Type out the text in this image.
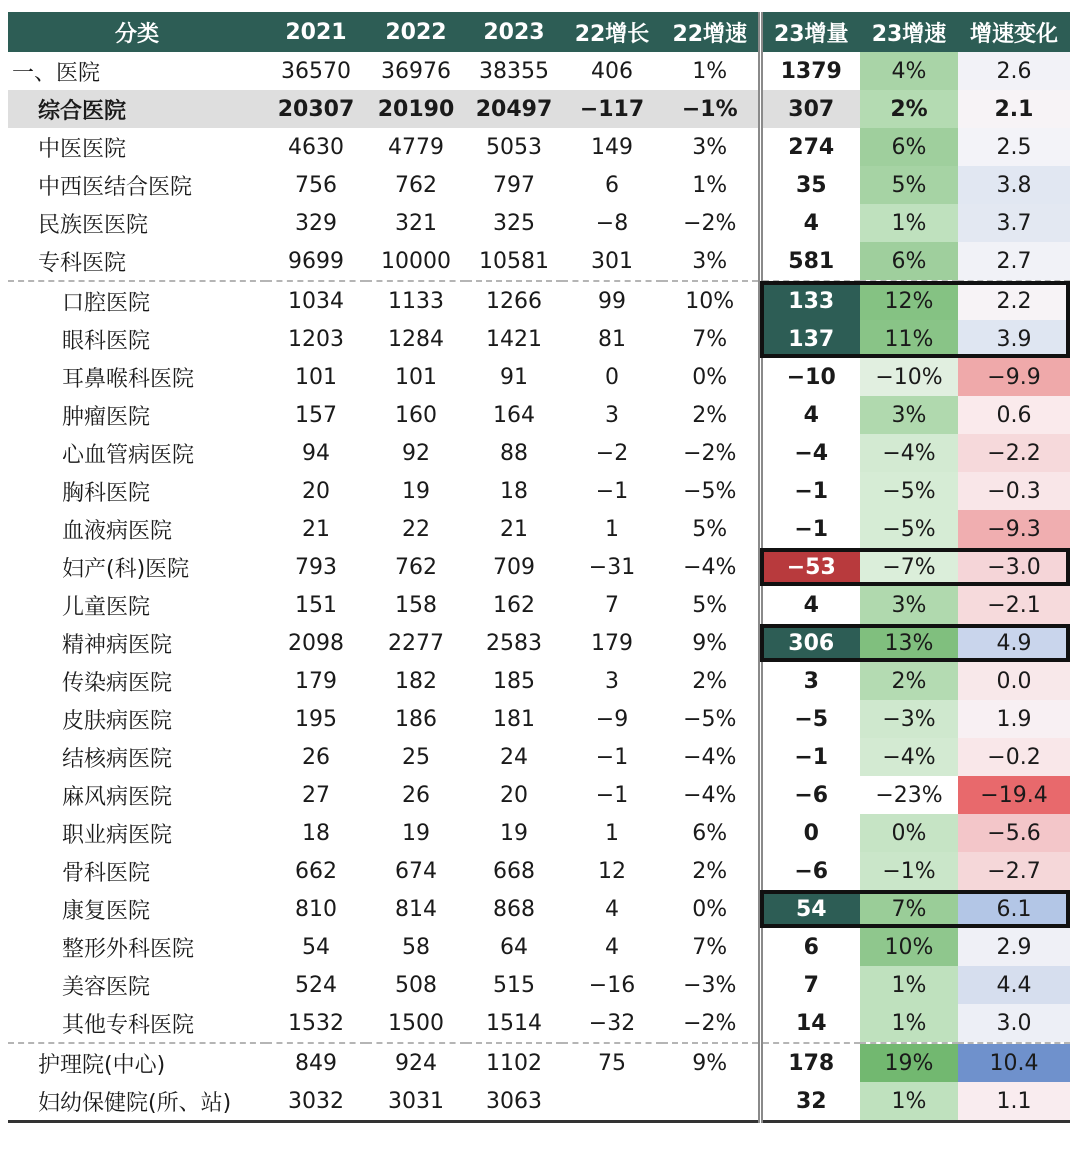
分类	2021	2022	2023	22增长	22增速	23增量	23增速	增速变化
一、医院	36570	36976	38355	406	1%	1379	4%	2.6
综合医院	20307	20190	20497	−117	−1%	307	2%	2.1
中医医院	4630	4779	5053	149	3%	274	6%	2.5
中西医结合医院	756	762	797	6	1%	35	5%	3.8
民族医医院	329	321	325	−8	−2%	4	1%	3.7
专科医院	9699	10000	10581	301	3%	581	6%	2.7
口腔医院	1034	1133	1266	99	10%	133	12%	2.2
眼科医院	1203	1284	1421	81	7%	137	11%	3.9
耳鼻喉科医院	101	101	91	0	0%	−10	−10%	−9.9
肿瘤医院	157	160	164	3	2%	4	3%	0.6
心血管病医院	94	92	88	−2	−2%	−4	−4%	−2.2
胸科医院	20	19	18	−1	−5%	−1	−5%	−0.3
血液病医院	21	22	21	1	5%	−1	−5%	−9.3
妇产(科)医院	793	762	709	−31	−4%	−53	−7%	−3.0
儿童医院	151	158	162	7	5%	4	3%	−2.1
精神病医院	2098	2277	2583	179	9%	306	13%	4.9
传染病医院	179	182	185	3	2%	3	2%	0.0
皮肤病医院	195	186	181	−9	−5%	−5	−3%	1.9
结核病医院	26	25	24	−1	−4%	−1	−4%	−0.2
麻风病医院	27	26	20	−1	−4%	−6	−23%	−19.4
职业病医院	18	19	19	1	6%	0	0%	−5.6
骨科医院	662	674	668	12	2%	−6	−1%	−2.7
康复医院	810	814	868	4	0%	54	7%	6.1
整形外科医院	54	58	64	4	7%	6	10%	2.9
美容医院	524	508	515	−16	−3%	7	1%	4.4
其他专科医院	1532	1500	1514	−32	−2%	14	1%	3.0
护理院(中心)	849	924	1102	75	9%	178	19%	10.4
妇幼保健院(所、站)	3032	3031	3063			32	1%	1.1
